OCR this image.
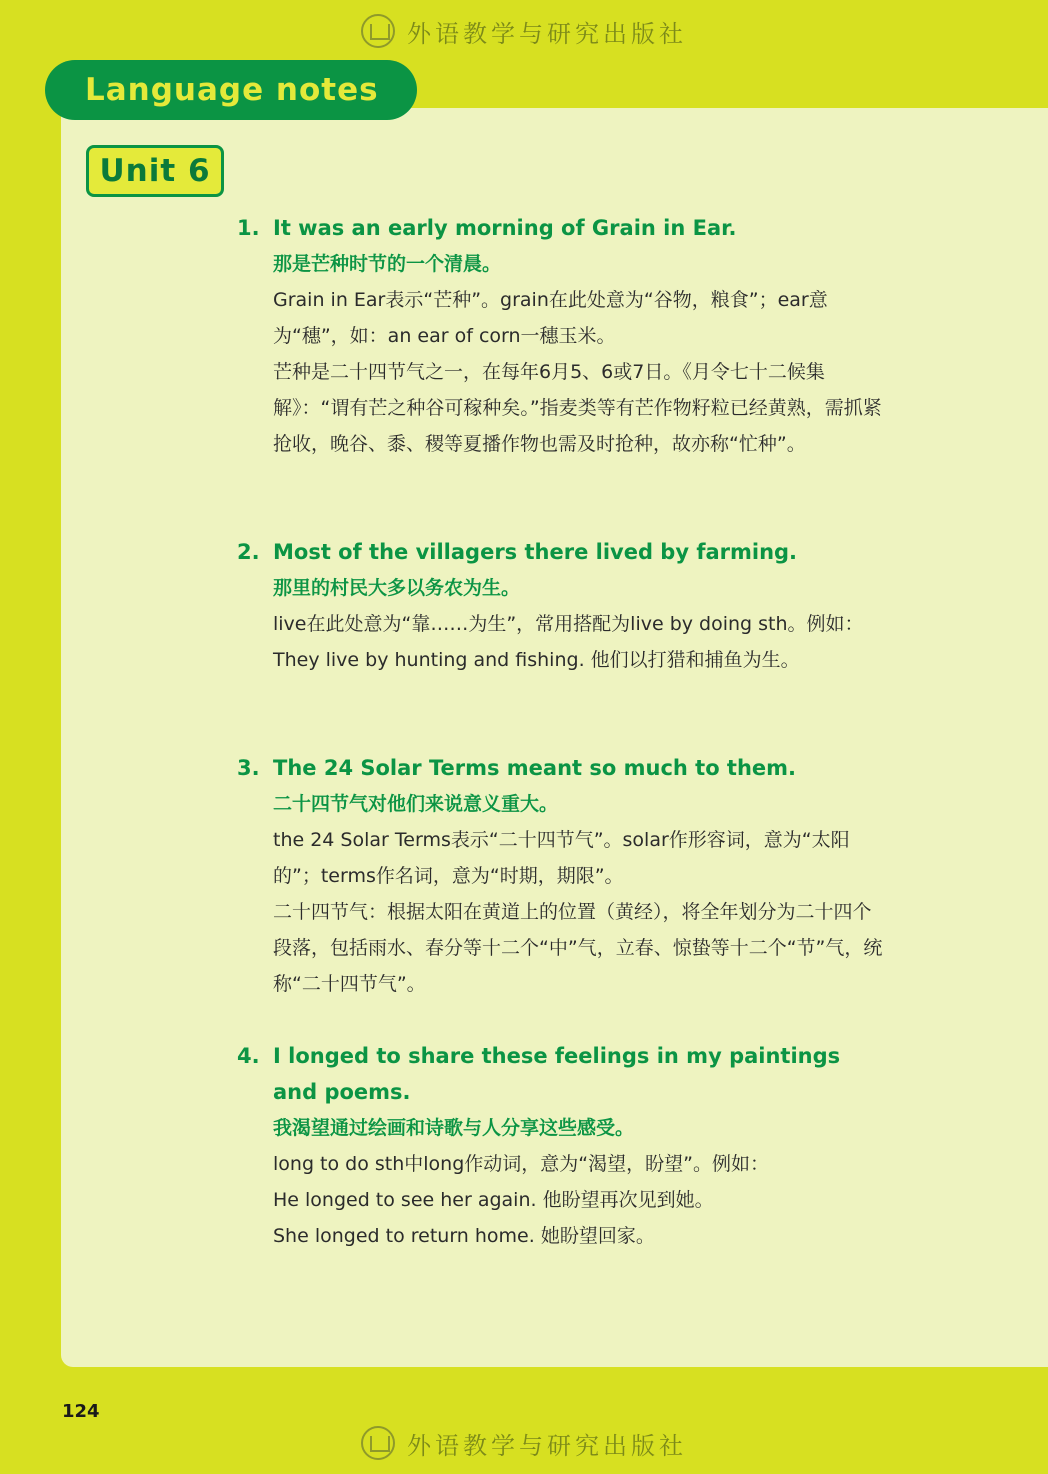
外语教学与研究出版社
Language notes
Unit 6
1. It was an early morning of Grain in Ear.
那是芒种时节的一个清晨。

Grain in Ear表示“芒种”。grain在此处意为“谷物，粮食”；ear意为“穗”，如：an ear of corn一穗玉米。

芒种是二十四节气之一，在每年6月5、6或7日。《月令七十二候集解》：“谓有芒之种谷可稼种矣。”指麦类等有芒作物籽粒已经黄熟，需抓紧抢收，晚谷、黍、稷等夏播作物也需及时抢种，故亦称“忙种”。

2. Most of the villagers there lived by farming.
那里的村民大多以务农为生。

live在此处意为“靠……为生”，常用搭配为live by doing sth。例如：

They live by hunting and fishing. 他们以打猎和捕鱼为生。

3. The 24 Solar Terms meant so much to them.
二十四节气对他们来说意义重大。

the 24 Solar Terms表示“二十四节气”。solar作形容词，意为“太阳的”；terms作名词，意为“时期，期限”。

二十四节气：根据太阳在黄道上的位置（黄经），将全年划分为二十四个段落，包括雨水、春分等十二个“中”气，立春、惊蛰等十二个“节”气，统称“二十四节气”。

4. I longed to share these feelings in my paintings and poems.
我渴望通过绘画和诗歌与人分享这些感受。

long to do sth中long作动词，意为“渴望，盼望”。例如：

He longed to see her again. 他盼望再次见到她。

She longed to return home. 她盼望回家。

124
外语教学与研究出版社
